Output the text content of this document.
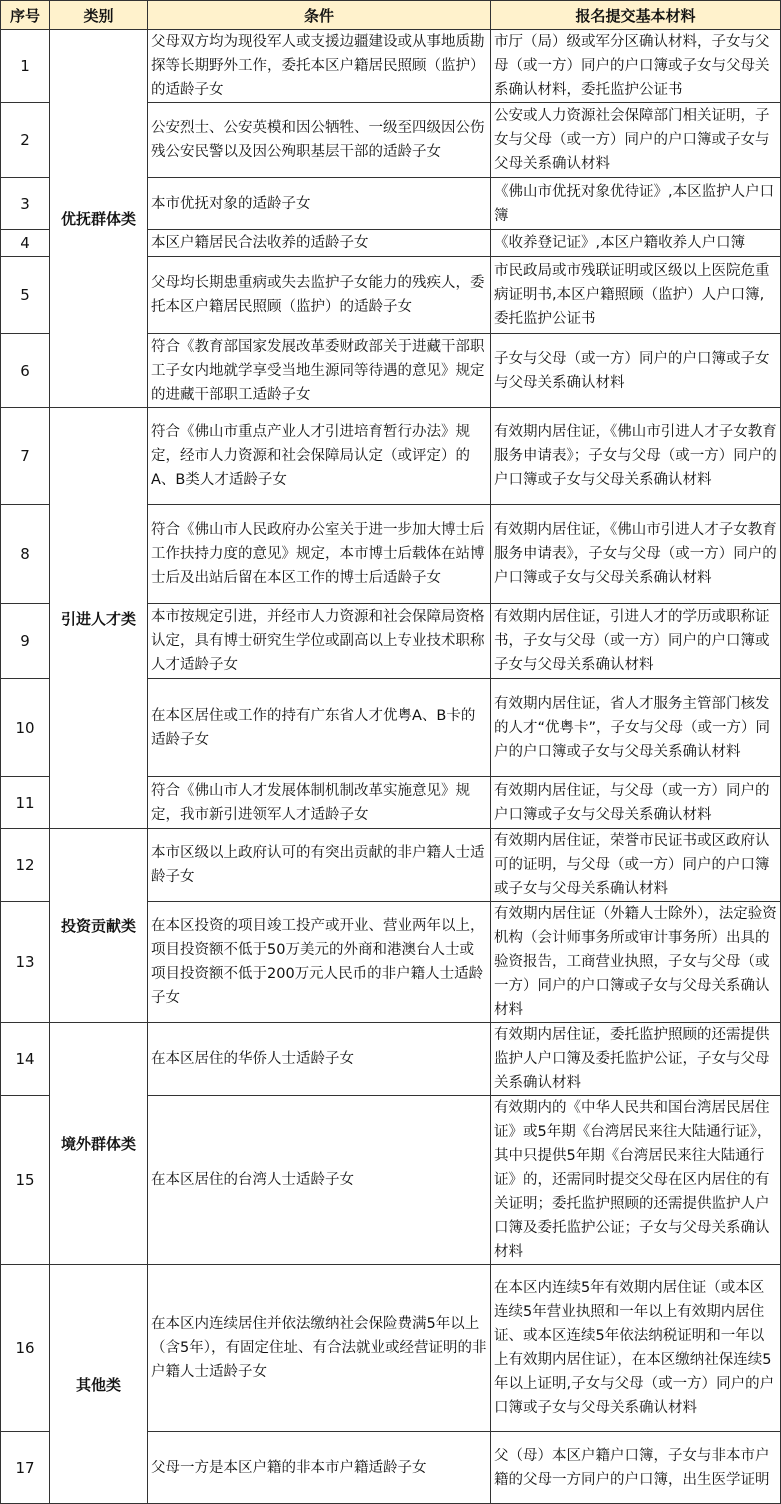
序号	类别	条件	报名提交基本材料
1	优抚群体类	父母双方均为现役军人或支援边疆建设或从事地质勘探等长期野外工作，委托本区户籍居民照顾（监护）的适龄子女	市厅（局）级或军分区确认材料，子女与父母（或一方）同户的户口簿或子女与父母关系确认材料，委托监护公证书
2		公安烈士、公安英模和因公牺牲、一级至四级因公伤残公安民警以及因公殉职基层干部的适龄子女	公安或人力资源社会保障部门相关证明，子女与父母（或一方）同户的户口簿或子女与父母关系确认材料
3		本市优抚对象的适龄子女	《佛山市优抚对象优待证》,本区监护人户口簿
4		本区户籍居民合法收养的适龄子女	《收养登记证》,本区户籍收养人户口簿
5		父母均长期患重病或失去监护子女能力的残疾人，委托本区户籍居民照顾（监护）的适龄子女	市民政局或市残联证明或区级以上医院危重病证明书,本区户籍照顾（监护）人户口簿,委托监护公证书
6		符合《教育部国家发展改革委财政部关于进藏干部职工子女内地就学享受当地生源同等待遇的意见》规定的进藏干部职工适龄子女	子女与父母（或一方）同户的户口簿或子女与父母关系确认材料
7	引进人才类	符合《佛山市重点产业人才引进培育暂行办法》规定，经市人力资源和社会保障局认定（或评定）的A、B类人才适龄子女	有效期内居住证，《佛山市引进人才子女教育服务申请表》；子女与父母（或一方）同户的户口簿或子女与父母关系确认材料
8		符合《佛山市人民政府办公室关于进一步加大博士后工作扶持力度的意见》规定，本市博士后载体在站博士后及出站后留在本区工作的博士后适龄子女	有效期内居住证，《佛山市引进人才子女教育服务申请表》，子女与父母（或一方）同户的户口簿或子女与父母关系确认材料
9		本市按规定引进，并经市人力资源和社会保障局资格认定，具有博士研究生学位或副高以上专业技术职称人才适龄子女	有效期内居住证，引进人才的学历或职称证书，子女与父母（或一方）同户的户口簿或子女与父母关系确认材料
10		在本区居住或工作的持有广东省人才优粤A、B卡的适龄子女	有效期内居住证，省人才服务主管部门核发的人才“优粤卡”，子女与父母（或一方）同户的户口簿或子女与父母关系确认材料
11		符合《佛山市人才发展体制机制改革实施意见》规定，我市新引进领军人才适龄子女	有效期内居住证，与父母（或一方）同户的户口簿或子女与父母关系确认材料
12	投资贡献类	本市区级以上政府认可的有突出贡献的非户籍人士适龄子女	有效期内居住证，荣誉市民证书或区政府认可的证明，与父母（或一方）同户的户口簿或子女与父母关系确认材料
13		在本区投资的项目竣工投产或开业、营业两年以上，项目投资额不低于50万美元的外商和港澳台人士或项目投资额不低于200万元人民币的非户籍人士适龄子女	有效期内居住证（外籍人士除外），法定验资机构（会计师事务所或审计事务所）出具的验资报告，工商营业执照，子女与父母（或一方）同户的户口簿或子女与父母关系确认材料
14	境外群体类	在本区居住的华侨人士适龄子女	有效期内居住证，委托监护照顾的还需提供监护人户口簿及委托监护公证，子女与父母关系确认材料
15		在本区居住的台湾人士适龄子女	有效期内的《中华人民共和国台湾居民居住证》或5年期《台湾居民来往大陆通行证》，其中只提供5年期《台湾居民来往大陆通行证》的，还需同时提交父母在区内居住的有关证明；委托监护照顾的还需提供监护人户口簿及委托监护公证；子女与父母关系确认材料
16	其他类	在本区内连续居住并依法缴纳社会保险费满5年以上（含5年），有固定住址、有合法就业或经营证明的非户籍人士适龄子女	在本区内连续5年有效期内居住证（或本区连续5年营业执照和一年以上有效期内居住证、或本区连续5年依法纳税证明和一年以上有效期内居住证），在本区缴纳社保连续5年以上证明,子女与父母（或一方）同户的户口簿或子女与父母关系确认材料
17		父母一方是本区户籍的非本市户籍适龄子女	父（母）本区户籍户口簿，子女与非本市户籍的父母一方同户的户口簿，出生医学证明
